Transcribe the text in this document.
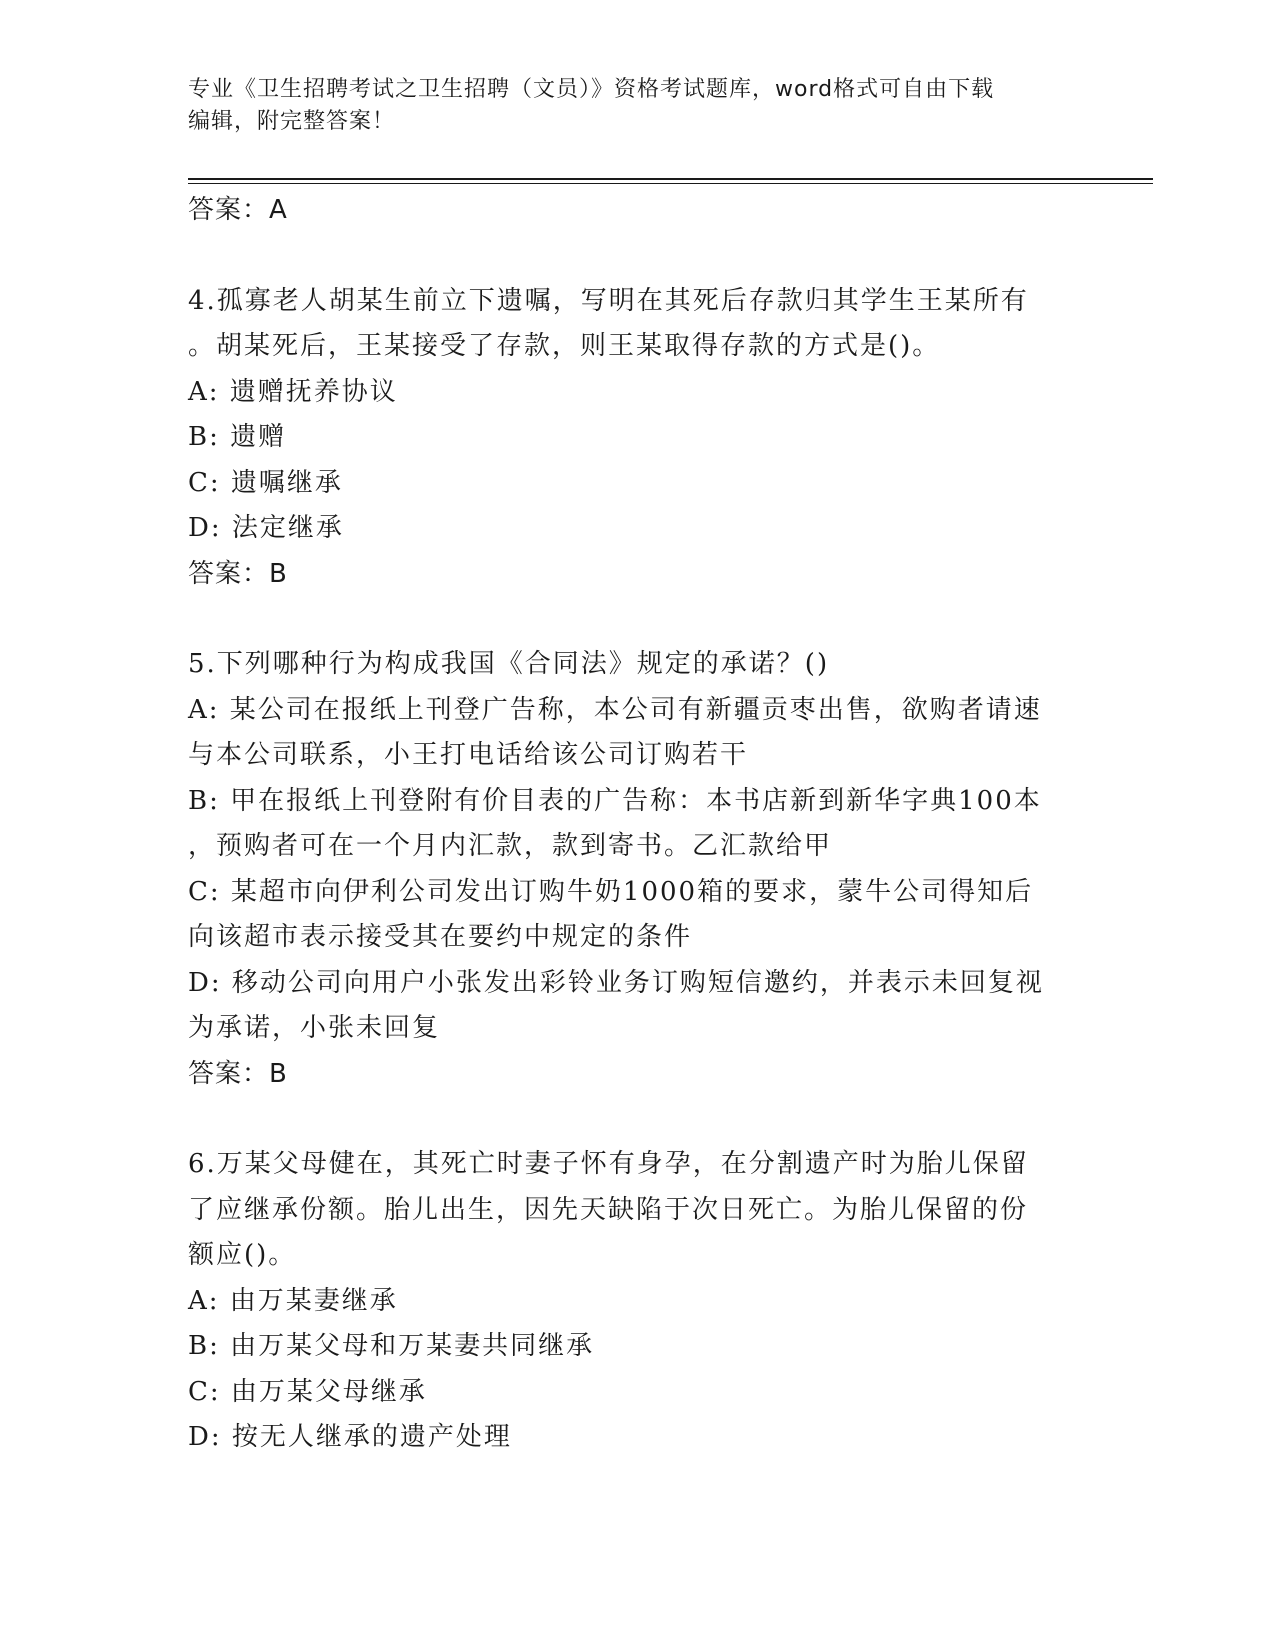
专业《卫生招聘考试之卫生招聘（文员）》资格考试题库，word格式可自由下载
编辑，附完整答案！
答案：A
4.孤寡老人胡某生前立下遗嘱，写明在其死后存款归其学生王某所有
。胡某死后，王某接受了存款，则王某取得存款的方式是()。
A: 遗赠抚养协议
B: 遗赠
C: 遗嘱继承
D: 法定继承
答案：B
5.下列哪种行为构成我国《合同法》规定的承诺？()
A: 某公司在报纸上刊登广告称，本公司有新疆贡枣出售，欲购者请速
与本公司联系，小王打电话给该公司订购若干
B: 甲在报纸上刊登附有价目表的广告称：本书店新到新华字典100本
，预购者可在一个月内汇款，款到寄书。乙汇款给甲
C: 某超市向伊利公司发出订购牛奶1000箱的要求，蒙牛公司得知后
向该超市表示接受其在要约中规定的条件
D: 移动公司向用户小张发出彩铃业务订购短信邀约，并表示未回复视
为承诺，小张未回复
答案：B
6.万某父母健在，其死亡时妻子怀有身孕，在分割遗产时为胎儿保留
了应继承份额。胎儿出生，因先天缺陷于次日死亡。为胎儿保留的份
额应()。
A: 由万某妻继承
B: 由万某父母和万某妻共同继承
C: 由万某父母继承
D: 按无人继承的遗产处理
